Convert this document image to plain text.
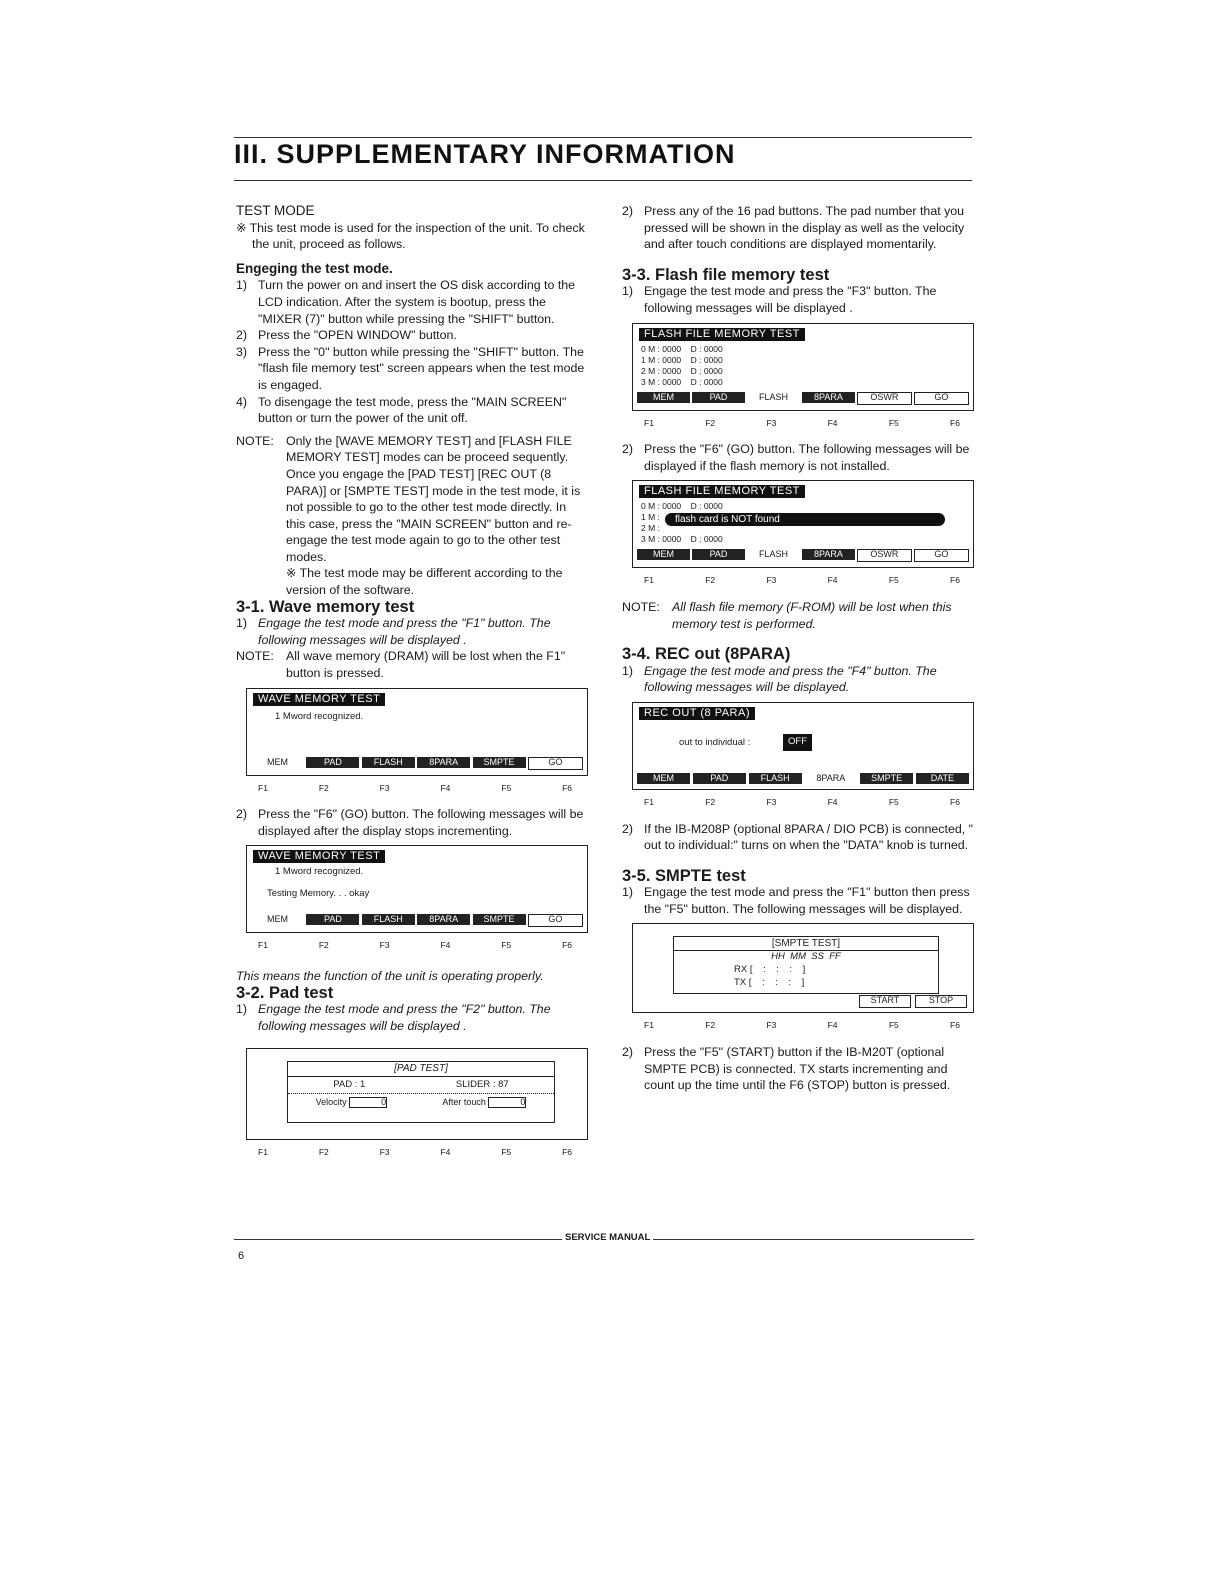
III. SUPPLEMENTARY INFORMATION

TEST MODE

※ This test mode is used for the inspection of the unit. To check the unit, proceed as follows.

Engeging the test mode.

1) Turn the power on and insert the OS disk according to the LCD indication. After the system is bootup, press the "MIXER (7)" button while pressing the "SHIFT" button.
2) Press the "OPEN WINDOW" button.
3) Press the "0" button while pressing the "SHIFT" button. The "flash file memory test" screen appears when the test mode is engaged.
4) To disengage the test mode, press the "MAIN SCREEN" button or turn the power of the unit off.
NOTE: Only the [WAVE MEMORY TEST] and [FLASH FILE MEMORY TEST] modes can be proceed sequently.

Once you engage the [PAD TEST] [REC OUT (8 PARA)] or [SMPTE TEST] mode in the test mode, it is not possible to go to the other test mode directly. In this case, press the "MAIN SCREEN" button and re-engage the test mode again to go to the other test modes.

※ The test mode may be different according to the version of the software.

3-1. Wave memory test

1) Engage the test mode and press the "F1" button. The following messages will be displayed .
NOTE: All wave memory (DRAM) will be lost when the F1" button is pressed.
WAVE MEMORY TEST
1 Mword recognized.
MEM	PAD	FLASH	8PARA	SMPTE	GO
F1	F2	F3	F4	F5	F6
2) Press the "F6" (GO) button. The following messages will be displayed after the display stops incrementing.
WAVE MEMORY TEST
1 Mword recognized.
Testing Memory. . . okay
MEM	PAD	FLASH	8PARA	SMPTE	GO
F1	F2	F3	F4	F5	F6

This means the function of the unit is operating properly.

3-2. Pad test

1) Engage the test mode and press the "F2" button. The following messages will be displayed .
[PAD TEST]
PAD : 1	SLIDER : 87
Velocity	0	After touch	0
F1	F2	F3	F4	F5	F6
2) Press any of the 16 pad buttons. The pad number that you pressed will be shown in the display as well as the velocity and after touch conditions are displayed momentarily.

3-3. Flash file memory test

1) Engage the test mode and press the "F3" button. The following messages will be displayed .
FLASH FILE MEMORY TEST
0 M : 0000    D : 0000
1 M : 0000    D : 0000
2 M : 0000    D : 0000
3 M : 0000    D : 0000
MEM	PAD	FLASH	8PARA	OSWR	GO
F1	F2	F3	F4	F5	F6
2) Press the "F6" (GO) button. The following messages will be displayed if the flash memory is not installed.
FLASH FILE MEMORY TEST
0 M : 0000    D : 0000
1 M :
2 M :
3 M : 0000    D : 0000
flash card is NOT found
MEM	PAD	FLASH	8PARA	OSWR	GO
F1	F2	F3	F4	F5	F6
NOTE: All flash file memory (F-ROM) will be lost when this memory test is performed.

3-4. REC out (8PARA)

1) Engage the test mode and press the "F4" button. The following messages will be displayed.
REC OUT (8 PARA)
out to individual :	OFF
MEM	PAD	FLASH	8PARA	SMPTE	DATE
F1	F2	F3	F4	F5	F6
2) If the IB-M208P (optional 8PARA / DIO PCB) is connected, " out to individual:" turns on when the "DATA" knob is turned.

3-5. SMPTE test

1) Engage the test mode and press the "F1" button then press the "F5" button. The following messages will be displayed.
[SMPTE TEST]
HH  MM  SS  FF
RX [    :    :    :    ]
TX [    :    :    :    ]
START	STOP
F1	F2	F3	F4	F5	F6
2) Press the "F5" (START) button if the IB-M20T (optional SMPTE PCB) is connected. TX starts incrementing and count up the time until the F6 (STOP) button is pressed.
SERVICE MANUAL
6
